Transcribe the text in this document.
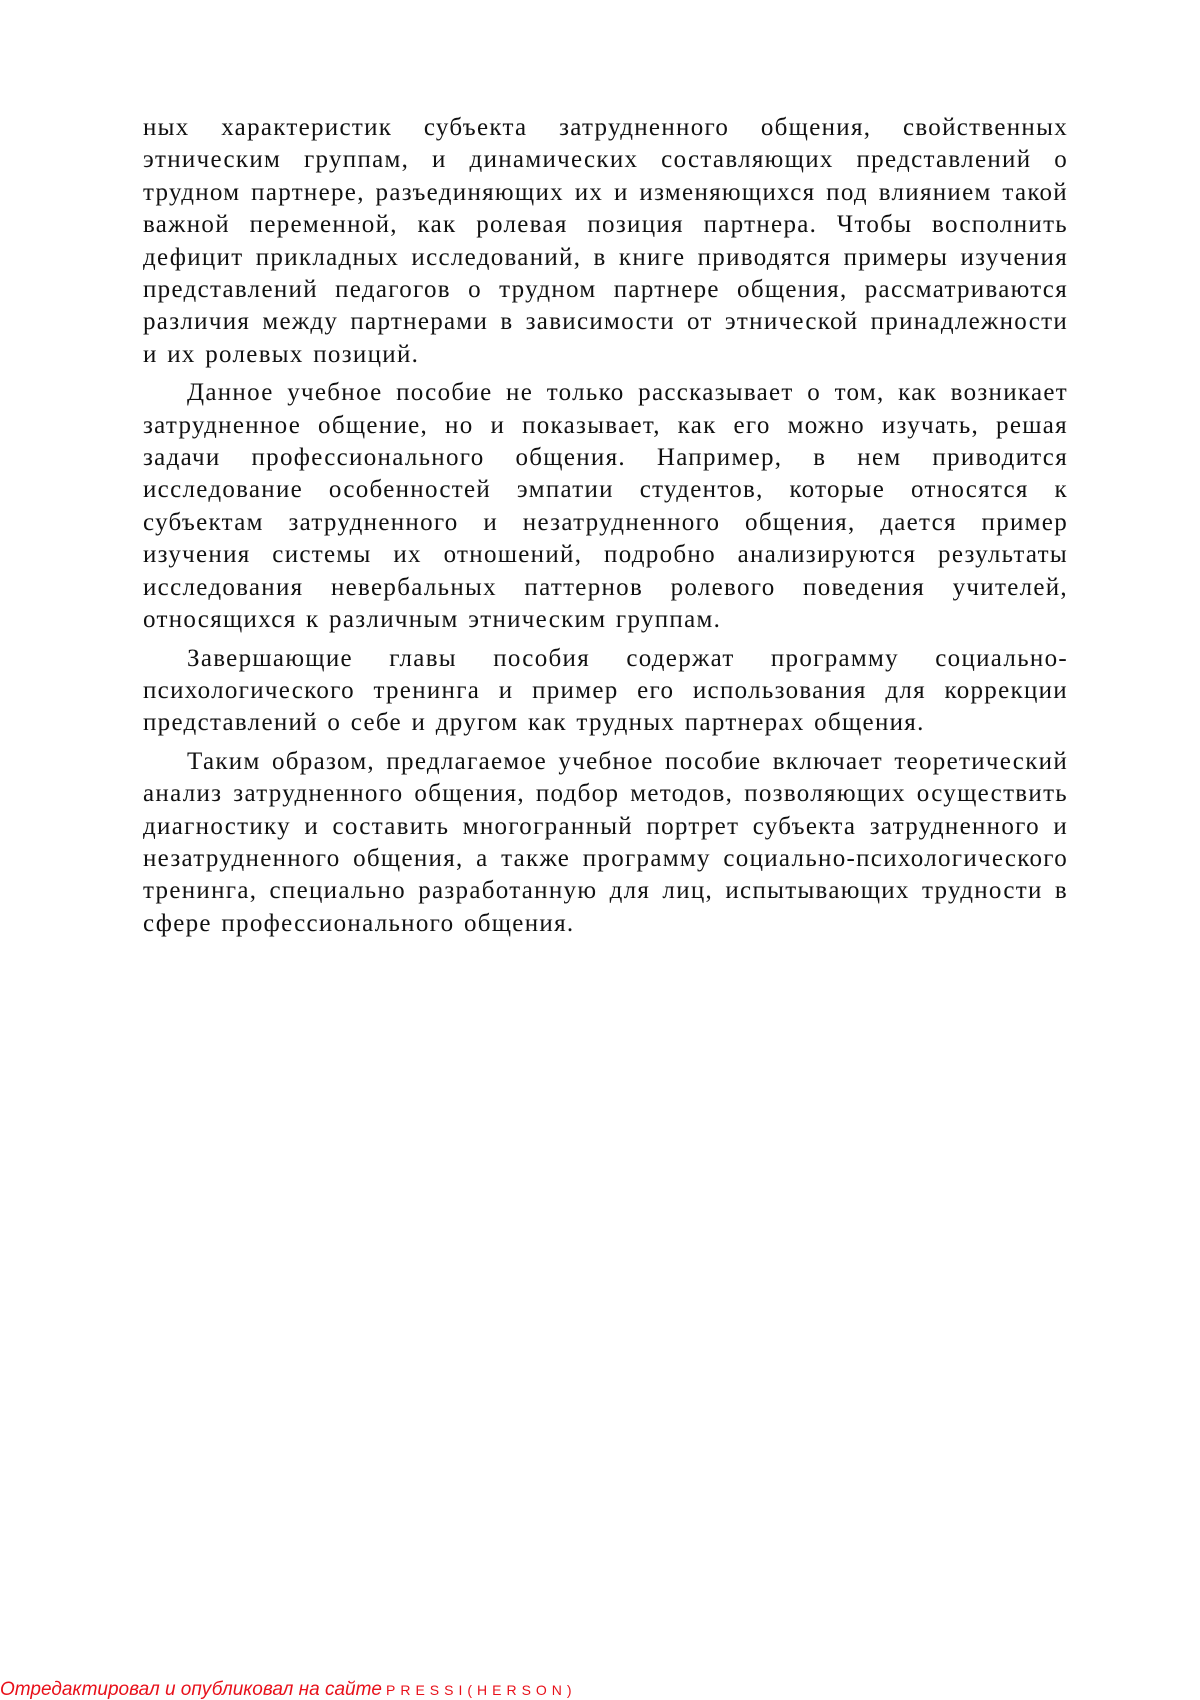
ных характеристик субъекта затрудненного общения, свойственных этническим группам, и динамических составляющих представлений о трудном партнере, разъединяющих их и изменяющихся под влиянием такой важной переменной, как ролевая позиция партнера. Чтобы восполнить дефицит прикладных исследований, в книге приводятся примеры изучения представлений педагогов о трудном партнере общения, рассматриваются различия между партнерами в зависимости от этнической принадлежности и их ролевых позиций.

Данное учебное пособие не только рассказывает о том, как возникает затрудненное общение, но и показывает, как его можно изучать, решая задачи профессионального общения. Например, в нем приводится исследование особенностей эмпатии студентов, которые относятся к субъектам затрудненного и незатрудненного общения, дается пример изучения системы их отношений, подробно анализируются результаты исследования невербальных паттернов ролевого поведения учителей, относящихся к различным этническим группам.

Завершающие главы пособия содержат программу социально-психологического тренинга и пример его использования для коррекции представлений о себе и другом как трудных партнерах общения.

Таким образом, предлагаемое учебное пособие включает теоретический анализ затрудненного общения, подбор методов, позволяющих осуществить диагностику и составить многогранный портрет субъекта затрудненного и незатрудненного общения, а также программу социально-психологического тренинга, специально разработанную для лиц, испытывающих трудности в сфере профессионального общения.

Отредактировал и опубликовал на сайте PRESSI(HERSON)
